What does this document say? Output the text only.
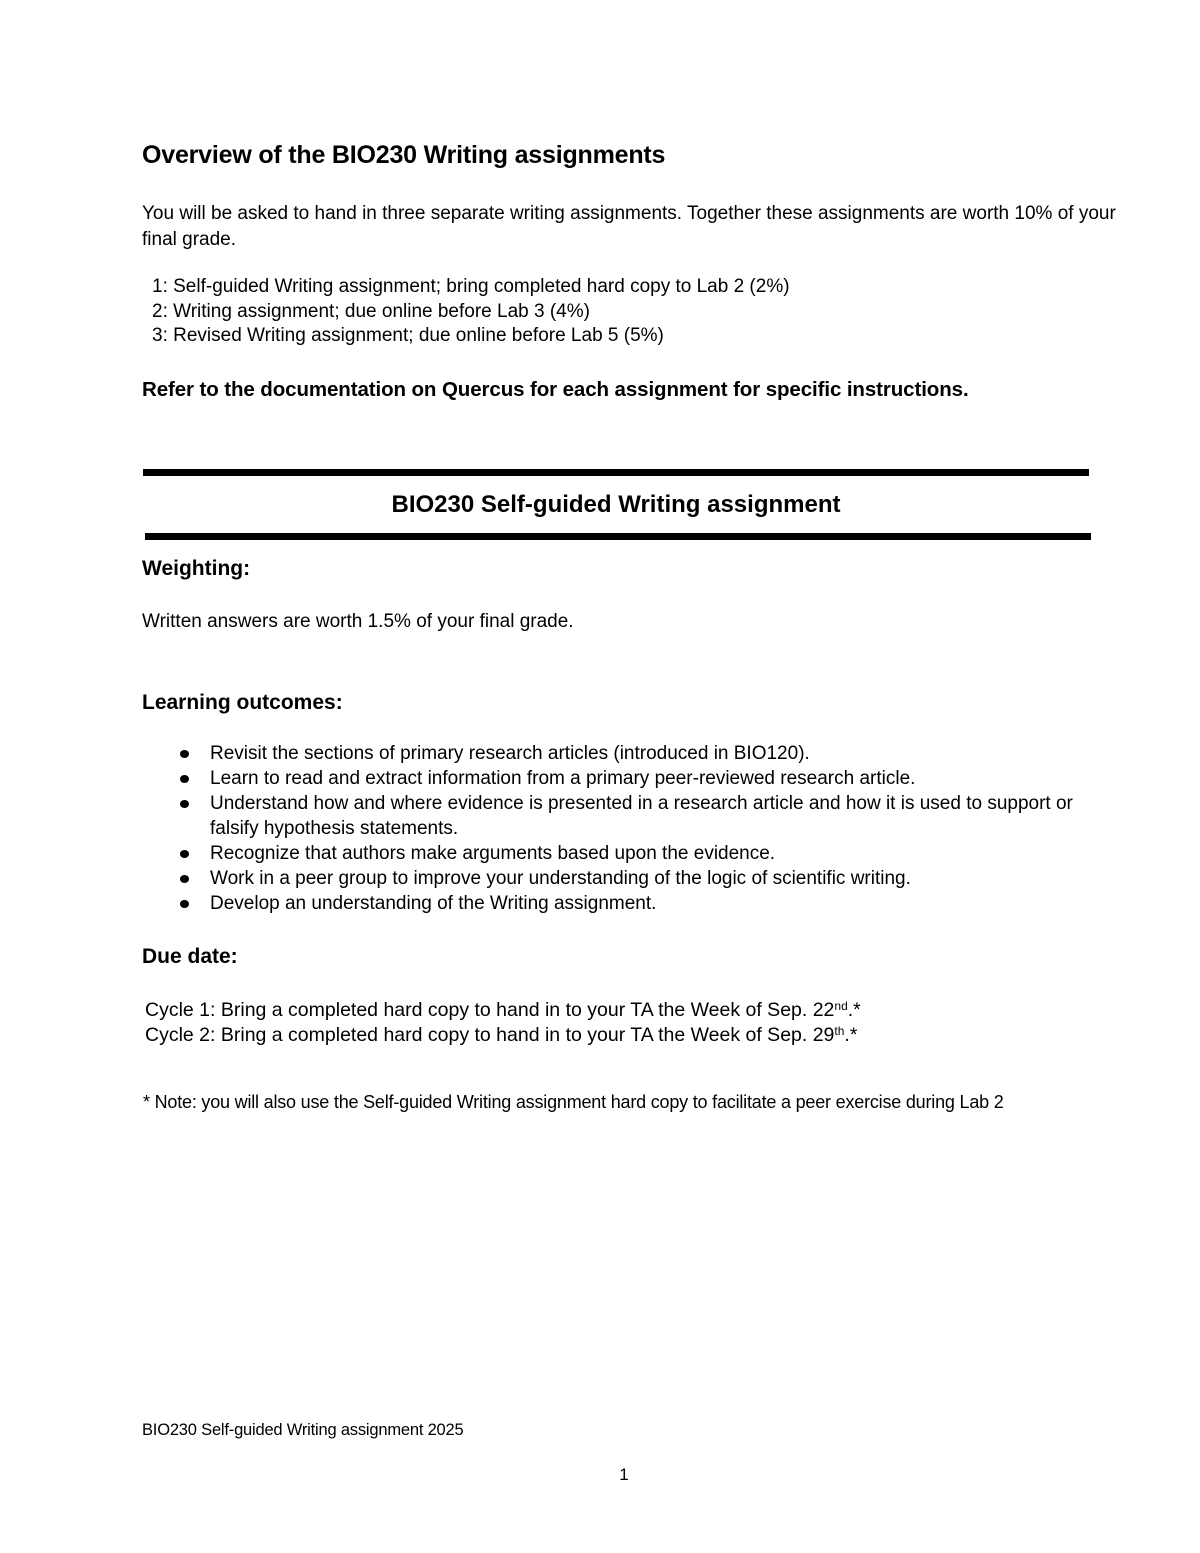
Overview of the BIO230 Writing assignments
You will be asked to hand in three separate writing assignments. Together these assignments are worth 10% of your final grade.
1: Self-guided Writing assignment; bring completed hard copy to Lab 2 (2%)
2: Writing assignment; due online before Lab 3 (4%)
3: Revised Writing assignment; due online before Lab 5 (5%)
Refer to the documentation on Quercus for each assignment for specific instructions.
BIO230 Self-guided Writing assignment
Weighting:
Written answers are worth 1.5% of your final grade.
Learning outcomes:
Revisit the sections of primary research articles (introduced in BIO120).
Learn to read and extract information from a primary peer-reviewed research article.
Understand how and where evidence is presented in a research article and how it is used to support or falsify hypothesis statements.
Recognize that authors make arguments based upon the evidence.
Work in a peer group to improve your understanding of the logic of scientific writing.
Develop an understanding of the Writing assignment.
Due date:
Cycle 1: Bring a completed hard copy to hand in to your TA the Week of Sep. 22nd.*
Cycle 2: Bring a completed hard copy to hand in to your TA the Week of Sep. 29th.*
* Note: you will also use the Self-guided Writing assignment hard copy to facilitate a peer exercise during Lab 2
BIO230 Self-guided Writing assignment 2025
1
